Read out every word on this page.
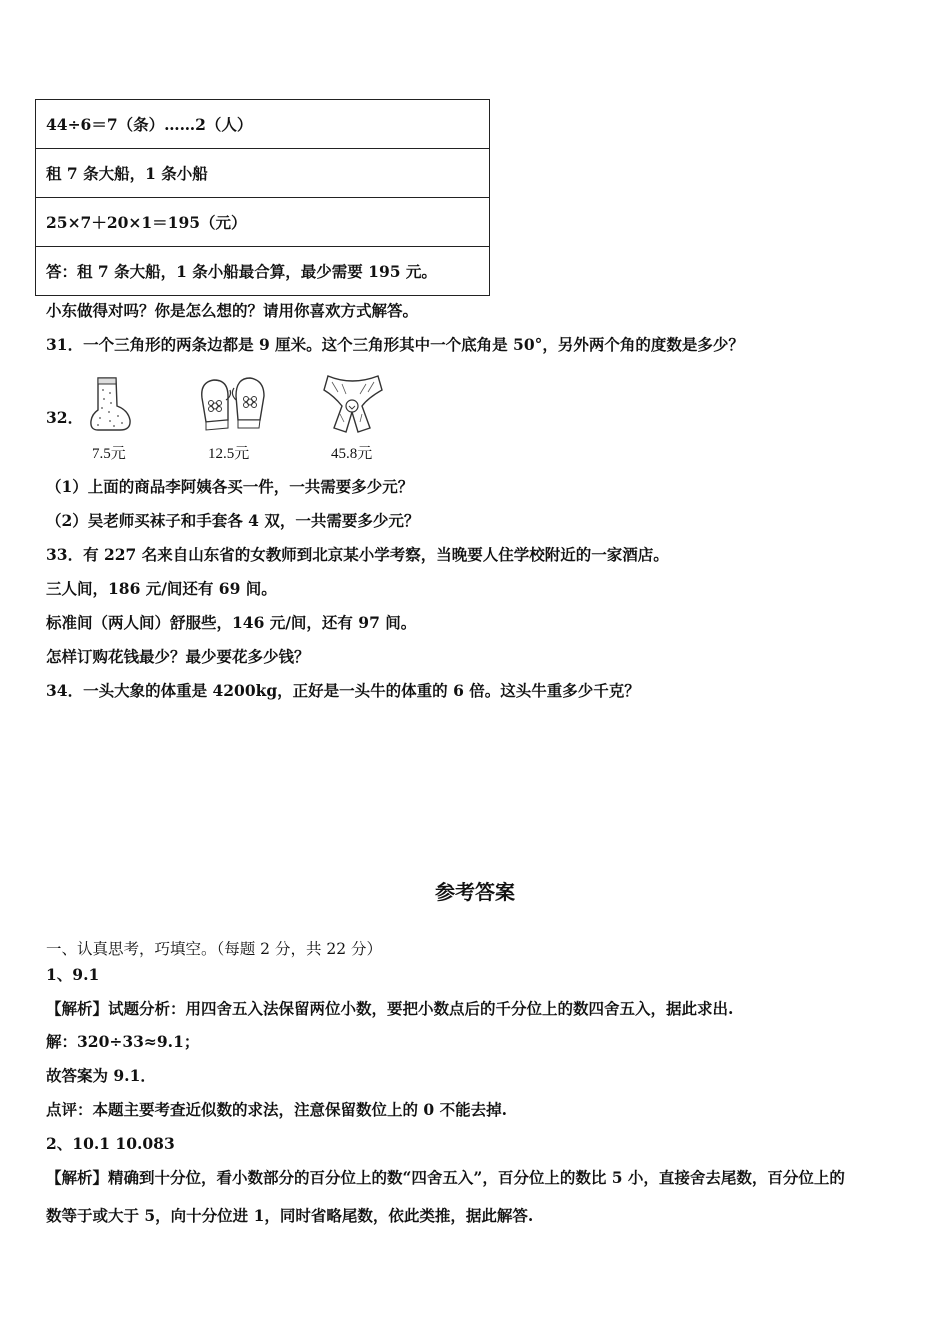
44÷6＝7（条）……2（人）
租 7 条大船，1 条小船
25×7＋20×1＝195（元）
答：租 7 条大船，1 条小船最合算，最少需要 195 元。
小东做得对吗？你是怎么想的？请用你喜欢方式解答。
31．一个三角形的两条边都是 9 厘米。这个三角形其中一个底角是 50°，另外两个角的度数是多少？
32．
7.5元	12.5元	45.8元
（1）上面的商品李阿姨各买一件，一共需要多少元？
（2）吴老师买袜子和手套各 4 双，一共需要多少元？
33．有 227 名来自山东省的女教师到北京某小学考察，当晚要人住学校附近的一家酒店。
三人间，186 元/间还有 69 间。
标准间（两人间）舒服些，146 元/间，还有 97 间。
怎样订购花钱最少？最少要花多少钱？
34．一头大象的体重是 4200kg，正好是一头牛的体重的 6 倍。这头牛重多少千克？
参考答案
一、认真思考，巧填空。（每题 2 分，共 22 分）
1、9.1
【解析】试题分析：用四舍五入法保留两位小数，要把小数点后的千分位上的数四舍五入，据此求出.
解：320÷33≈9.1；
故答案为 9.1．
点评：本题主要考查近似数的求法，注意保留数位上的 0 不能去掉.
2、10.1 10.083
【解析】精确到十分位，看小数部分的百分位上的数“四舍五入”，百分位上的数比 5 小，直接舍去尾数，百分位上的
数等于或大于 5，向十分位进 1，同时省略尾数，依此类推，据此解答.
